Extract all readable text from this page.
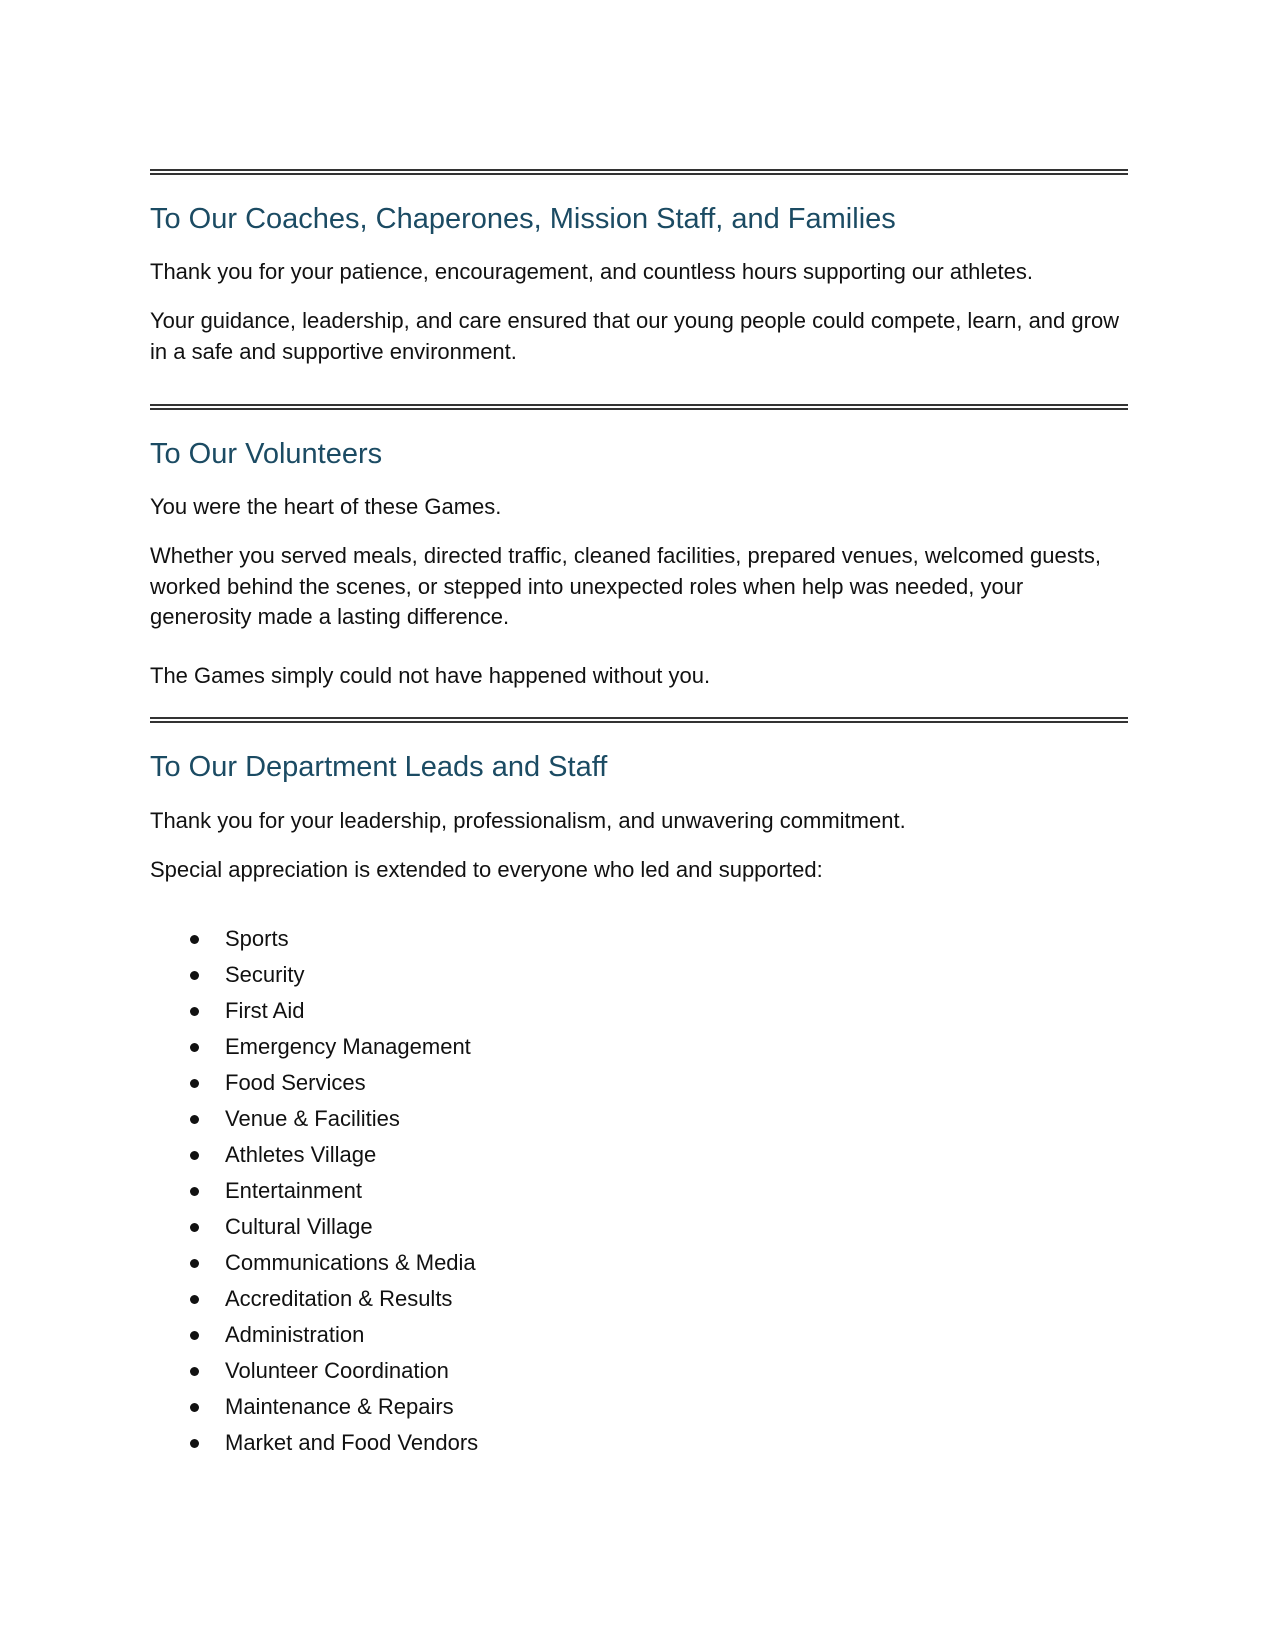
To Our Coaches, Chaperones, Mission Staff, and Families

Thank you for your patience, encouragement, and countless hours supporting our athletes.

Your guidance, leadership, and care ensured that our young people could compete, learn, and grow in a safe and supportive environment.

To Our Volunteers

You were the heart of these Games.

Whether you served meals, directed traffic, cleaned facilities, prepared venues, welcomed guests, worked behind the scenes, or stepped into unexpected roles when help was needed, your generosity made a lasting difference.

The Games simply could not have happened without you.

To Our Department Leads and Staff

Thank you for your leadership, professionalism, and unwavering commitment.

Special appreciation is extended to everyone who led and supported:

Sports
Security
First Aid
Emergency Management
Food Services
Venue & Facilities
Athletes Village
Entertainment
Cultural Village
Communications & Media
Accreditation & Results
Administration
Volunteer Coordination
Maintenance & Repairs
Market and Food Vendors
